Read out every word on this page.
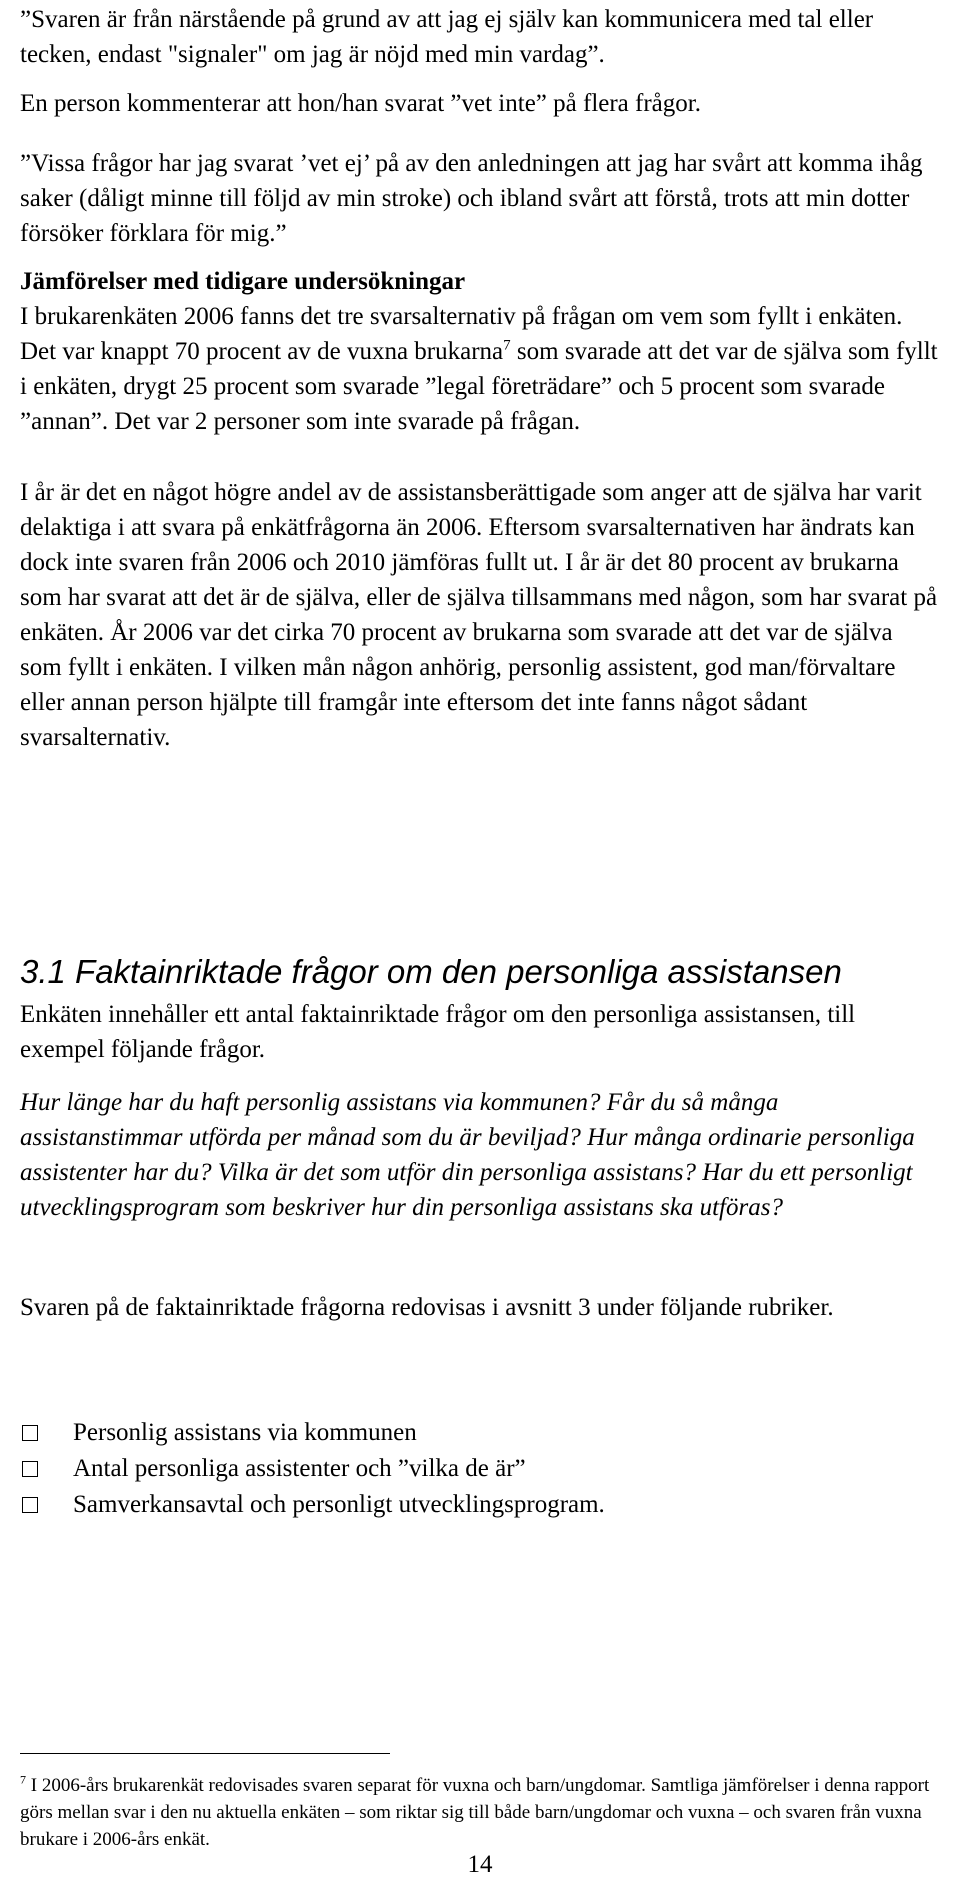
”Svaren är från närstående på grund av att jag ej själv kan kommunicera med tal eller tecken, endast "signaler" om jag är nöjd med min vardag”.

En person kommenterar att hon/han svarat ”vet inte” på flera frågor.

”Vissa frågor har jag svarat ’vet ej’ på av den anledningen att jag har svårt att komma ihåg saker (dåligt minne till följd av min stroke) och ibland svårt att förstå, trots att min dotter försöker förklara för mig.”

Jämförelser med tidigare undersökningar

I brukarenkäten 2006 fanns det tre svarsalternativ på frågan om vem som fyllt i enkäten. Det var knappt 70 procent av de vuxna brukarna$^7$ som svarade att det var de själva som fyllt i enkäten, drygt 25 procent som svarade ”legal företrädare” och 5 procent som svarade ”annan”. Det var 2 personer som inte svarade på frågan.

I år är det en något högre andel av de assistansberättigade som anger att de själva har varit delaktiga i att svara på enkätfrågorna än 2006. Eftersom svarsalternativen har ändrats kan dock inte svaren från 2006 och 2010 jämföras fullt ut. I år är det 80 procent av brukarna som har svarat att det är de själva, eller de själva tillsammans med någon, som har svarat på enkäten. År 2006 var det cirka 70 procent av brukarna som svarade att det var de själva som fyllt i enkäten. I vilken mån någon anhörig, personlig assistent, god man/förvaltare eller annan person hjälpte till framgår inte eftersom det inte fanns något sådant svarsalternativ.

3.1 Faktainriktade frågor om den personliga assistansen

Enkäten innehåller ett antal faktainriktade frågor om den personliga assistansen, till exempel följande frågor.

Hur länge har du haft personlig assistans via kommunen? Får du så många assistanstimmar utförda per månad som du är beviljad? Hur många ordinarie personliga assistenter har du? Vilka är det som utför din personliga assistans? Har du ett personligt utvecklingsprogram som beskriver hur din personliga assistans ska utföras?

Svaren på de faktainriktade frågorna redovisas i avsnitt 3 under följande rubriker.

Personlig assistans via kommunen
Antal personliga assistenter och ”vilka de är”
Samverkansavtal och personligt utvecklingsprogram.

$^7$ I 2006-års brukarenkät redovisades svaren separat för vuxna och barn/ungdomar. Samtliga jämförelser i denna rapport görs mellan svar i den nu aktuella enkäten – som riktar sig till både barn/ungdomar och vuxna – och svaren från vuxna brukare i 2006-års enkät.

14
